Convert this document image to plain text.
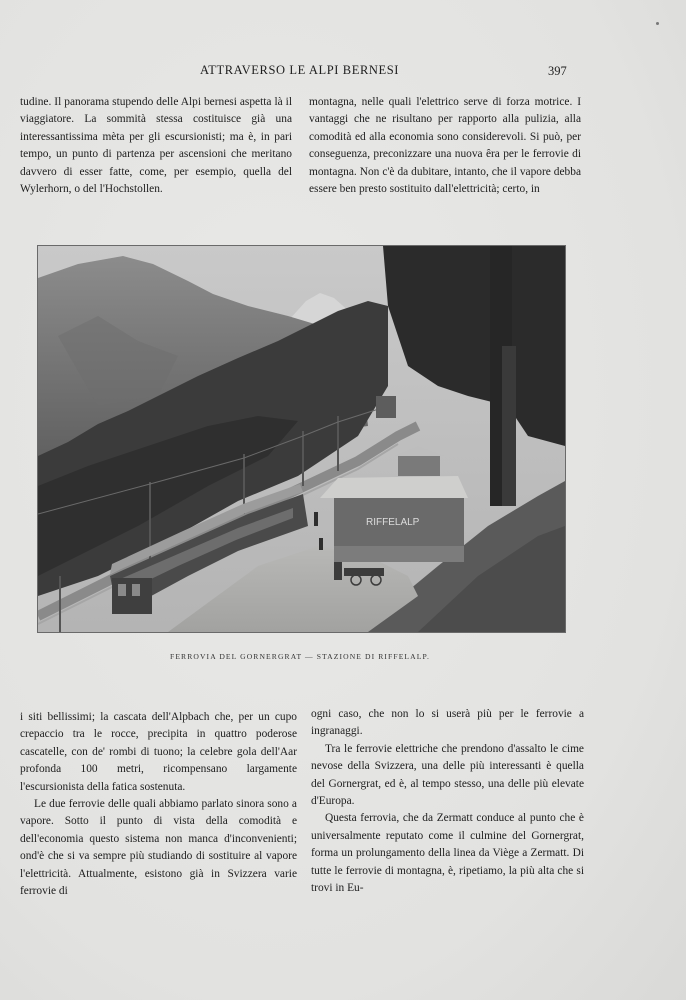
ATTRAVERSO LE ALPI BERNESI	397

tudine. Il panorama stupendo delle Alpi bernesi aspetta là il viaggiatore. La sommità stessa costituisce già una interessantissima mèta per gli escursionisti; ma è, in pari tempo, un punto di partenza per ascensioni che meritano davvero di esser fatte, come, per esempio, quella del Wylerhorn, o del l'Hochstollen.

montagna, nelle quali l'elettrico serve di forza motrice. I vantaggi che ne risultano per rapporto alla pulizia, alla comodità ed alla economia sono considerevoli. Si può, per conseguenza, preconizzare una nuova êra per le ferrovie di montagna. Non c'è da dubitare, intanto, che il vapore debba essere ben presto sostituito dall'elettricità; certo, in

RIFFELALP
FERROVIA DEL GORNERGRAT — STAZIONE DI RIFFELALP.

i siti bellissimi; la cascata dell'Alpbach che, per un cupo crepaccio tra le rocce, precipita in quattro poderose cascatelle, con de' rombi di tuono; la celebre gola dell'Aar profonda 100 metri, ricompensano largamente l'escursionista della fatica sostenuta.

Le due ferrovie delle quali abbiamo parlato sinora sono a vapore. Sotto il punto di vista della comodità e dell'economia questo sistema non manca d'inconvenienti; ond'è che si va sempre più studiando di sostituire al vapore l'elettricità. Attualmente, esistono già in Svizzera varie ferrovie di

ogni caso, che non lo si userà più per le ferrovie a ingranaggi.

Tra le ferrovie elettriche che prendono d'assalto le cime nevose della Svizzera, una delle più interessanti è quella del Gornergrat, ed è, al tempo stesso, una delle più elevate d'Europa.

Questa ferrovia, che da Zermatt conduce al punto che è universalmente reputato come il culmine del Gornergrat, forma un prolungamento della linea da Viège a Zermatt. Di tutte le ferrovie di montagna, è, ripetiamo, la più alta che si trovi in Eu-
